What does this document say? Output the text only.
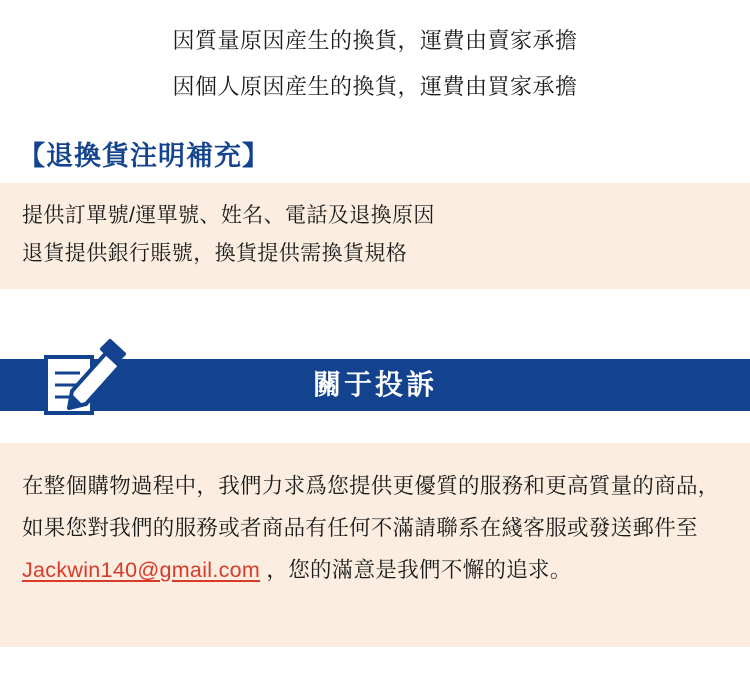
因質量原因産生的換貨，運費由賣家承擔
因個人原因産生的換貨，運費由買家承擔
【退換貨注明補充】
提供訂單號/運單號、姓名、電話及退換原因
退貨提供銀行賬號，換貨提供需換貨規格
關于投訴
在整個購物過程中，我們力求爲您提供更優質的服務和更高質量的商品，如果您對我們的服務或者商品有任何不滿請聯系在綫客服或發送郵件至 Jackwin140@gmail.com ，您的滿意是我們不懈的追求。
